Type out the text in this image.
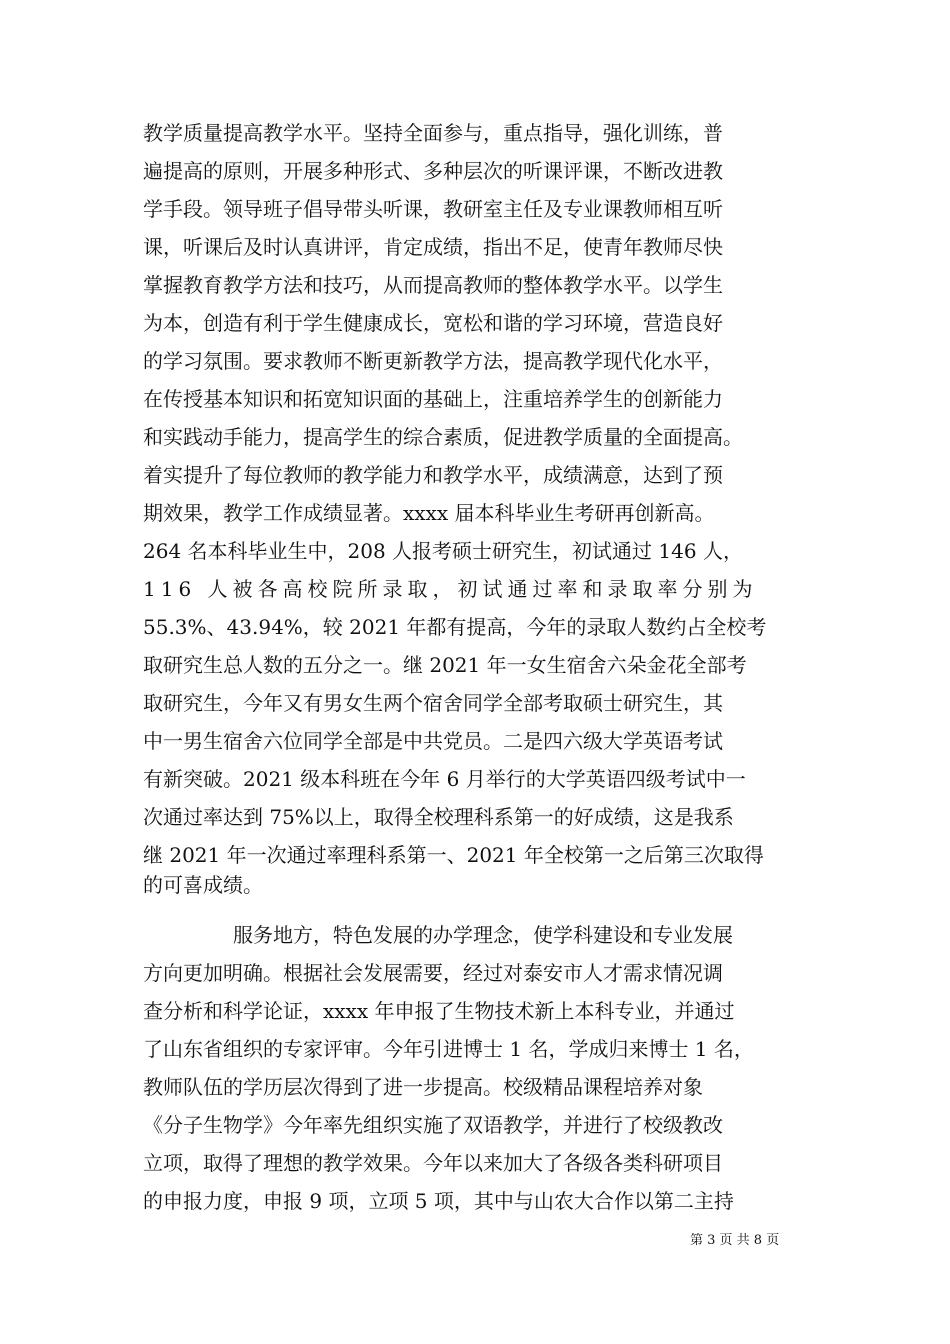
教学质量提高教学水平。坚持全面参与，重点指导，强化训练，普
遍提高的原则，开展多种形式、多种层次的听课评课，不断改进教
学手段。领导班子倡导带头听课，教研室主任及专业课教师相互听
课，听课后及时认真讲评，肯定成绩，指出不足，使青年教师尽快
掌握教育教学方法和技巧，从而提高教师的整体教学水平。以学生
为本，创造有利于学生健康成长，宽松和谐的学习环境，营造良好
的学习氛围。要求教师不断更新教学方法，提高教学现代化水平，
在传授基本知识和拓宽知识面的基础上，注重培养学生的创新能力
和实践动手能力，提高学生的综合素质，促进教学质量的全面提高。
着实提升了每位教师的教学能力和教学水平，成绩满意，达到了预
期效果，教学工作成绩显著。xxxx 届本科毕业生考研再创新高。
264 名本科毕业生中，208 人报考硕士研究生，初试通过 146 人，
116 人被各高校院所录取，初试通过率和录取率分别为
55.3%、43.94%，较 2021 年都有提高，今年的录取人数约占全校考
取研究生总人数的五分之一。继 2021 年一女生宿舍六朵金花全部考
取研究生，今年又有男女生两个宿舍同学全部考取硕士研究生，其
中一男生宿舍六位同学全部是中共党员。二是四六级大学英语考试
有新突破。2021 级本科班在今年 6 月举行的大学英语四级考试中一
次通过率达到 75%以上，取得全校理科系第一的好成绩，这是我系
继 2021 年一次通过率理科系第一、2021 年全校第一之后第三次取得
的可喜成绩。
服务地方，特色发展的办学理念，使学科建设和专业发展
方向更加明确。根据社会发展需要，经过对泰安市人才需求情况调
查分析和科学论证，xxxx 年申报了生物技术新上本科专业，并通过
了山东省组织的专家评审。今年引进博士 1 名，学成归来博士 1 名，
教师队伍的学历层次得到了进一步提高。校级精品课程培养对象
《分子生物学》今年率先组织实施了双语教学，并进行了校级教改
立项，取得了理想的教学效果。今年以来加大了各级各类科研项目
的申报力度，申报 9 项，立项 5 项，其中与山农大合作以第二主持
第 3 页 共 8 页
